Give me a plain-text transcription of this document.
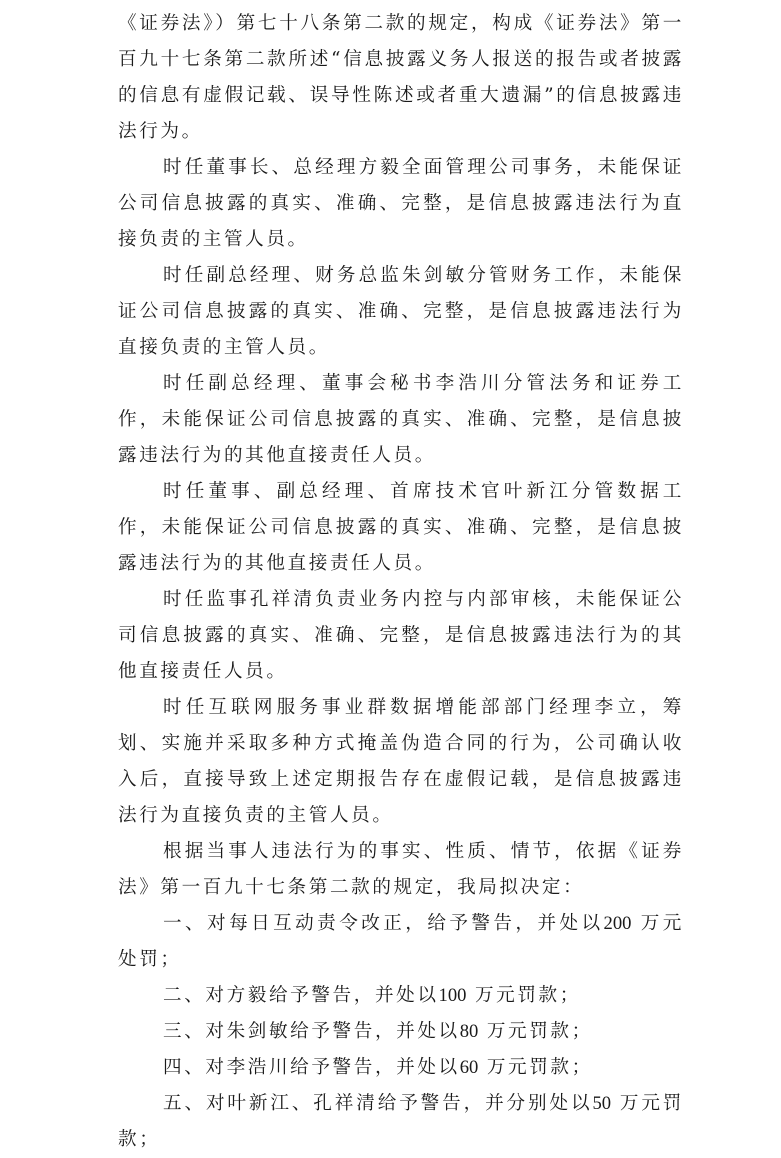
《证券法》）第七十八条第二款的规定，构成《证券法》第一百九十七条第二款所述“信息披露义务人报送的报告或者披露的信息有虚假记载、误导性陈述或者重大遗漏”的信息披露违法行为。

时任董事长、总经理方毅全面管理公司事务，未能保证公司信息披露的真实、准确、完整，是信息披露违法行为直接负责的主管人员。

时任副总经理、财务总监朱剑敏分管财务工作，未能保证公司信息披露的真实、准确、完整，是信息披露违法行为直接负责的主管人员。

时任副总经理、董事会秘书李浩川分管法务和证券工作，未能保证公司信息披露的真实、准确、完整，是信息披露违法行为的其他直接责任人员。

时任董事、副总经理、首席技术官叶新江分管数据工作，未能保证公司信息披露的真实、准确、完整，是信息披露违法行为的其他直接责任人员。

时任监事孔祥清负责业务内控与内部审核，未能保证公司信息披露的真实、准确、完整，是信息披露违法行为的其他直接责任人员。

时任互联网服务事业群数据增能部部门经理李立，筹划、实施并采取多种方式掩盖伪造合同的行为，公司确认收入后，直接导致上述定期报告存在虚假记载，是信息披露违法行为直接负责的主管人员。

根据当事人违法行为的事实、性质、情节，依据《证券法》第一百九十七条第二款的规定，我局拟决定：

一、对每日互动责令改正，给予警告，并处以200 万元处罚；

二、对方毅给予警告，并处以100 万元罚款；

三、对朱剑敏给予警告，并处以80 万元罚款；

四、对李浩川给予警告，并处以60 万元罚款；

五、对叶新江、孔祥清给予警告，并分别处以50 万元罚款；
